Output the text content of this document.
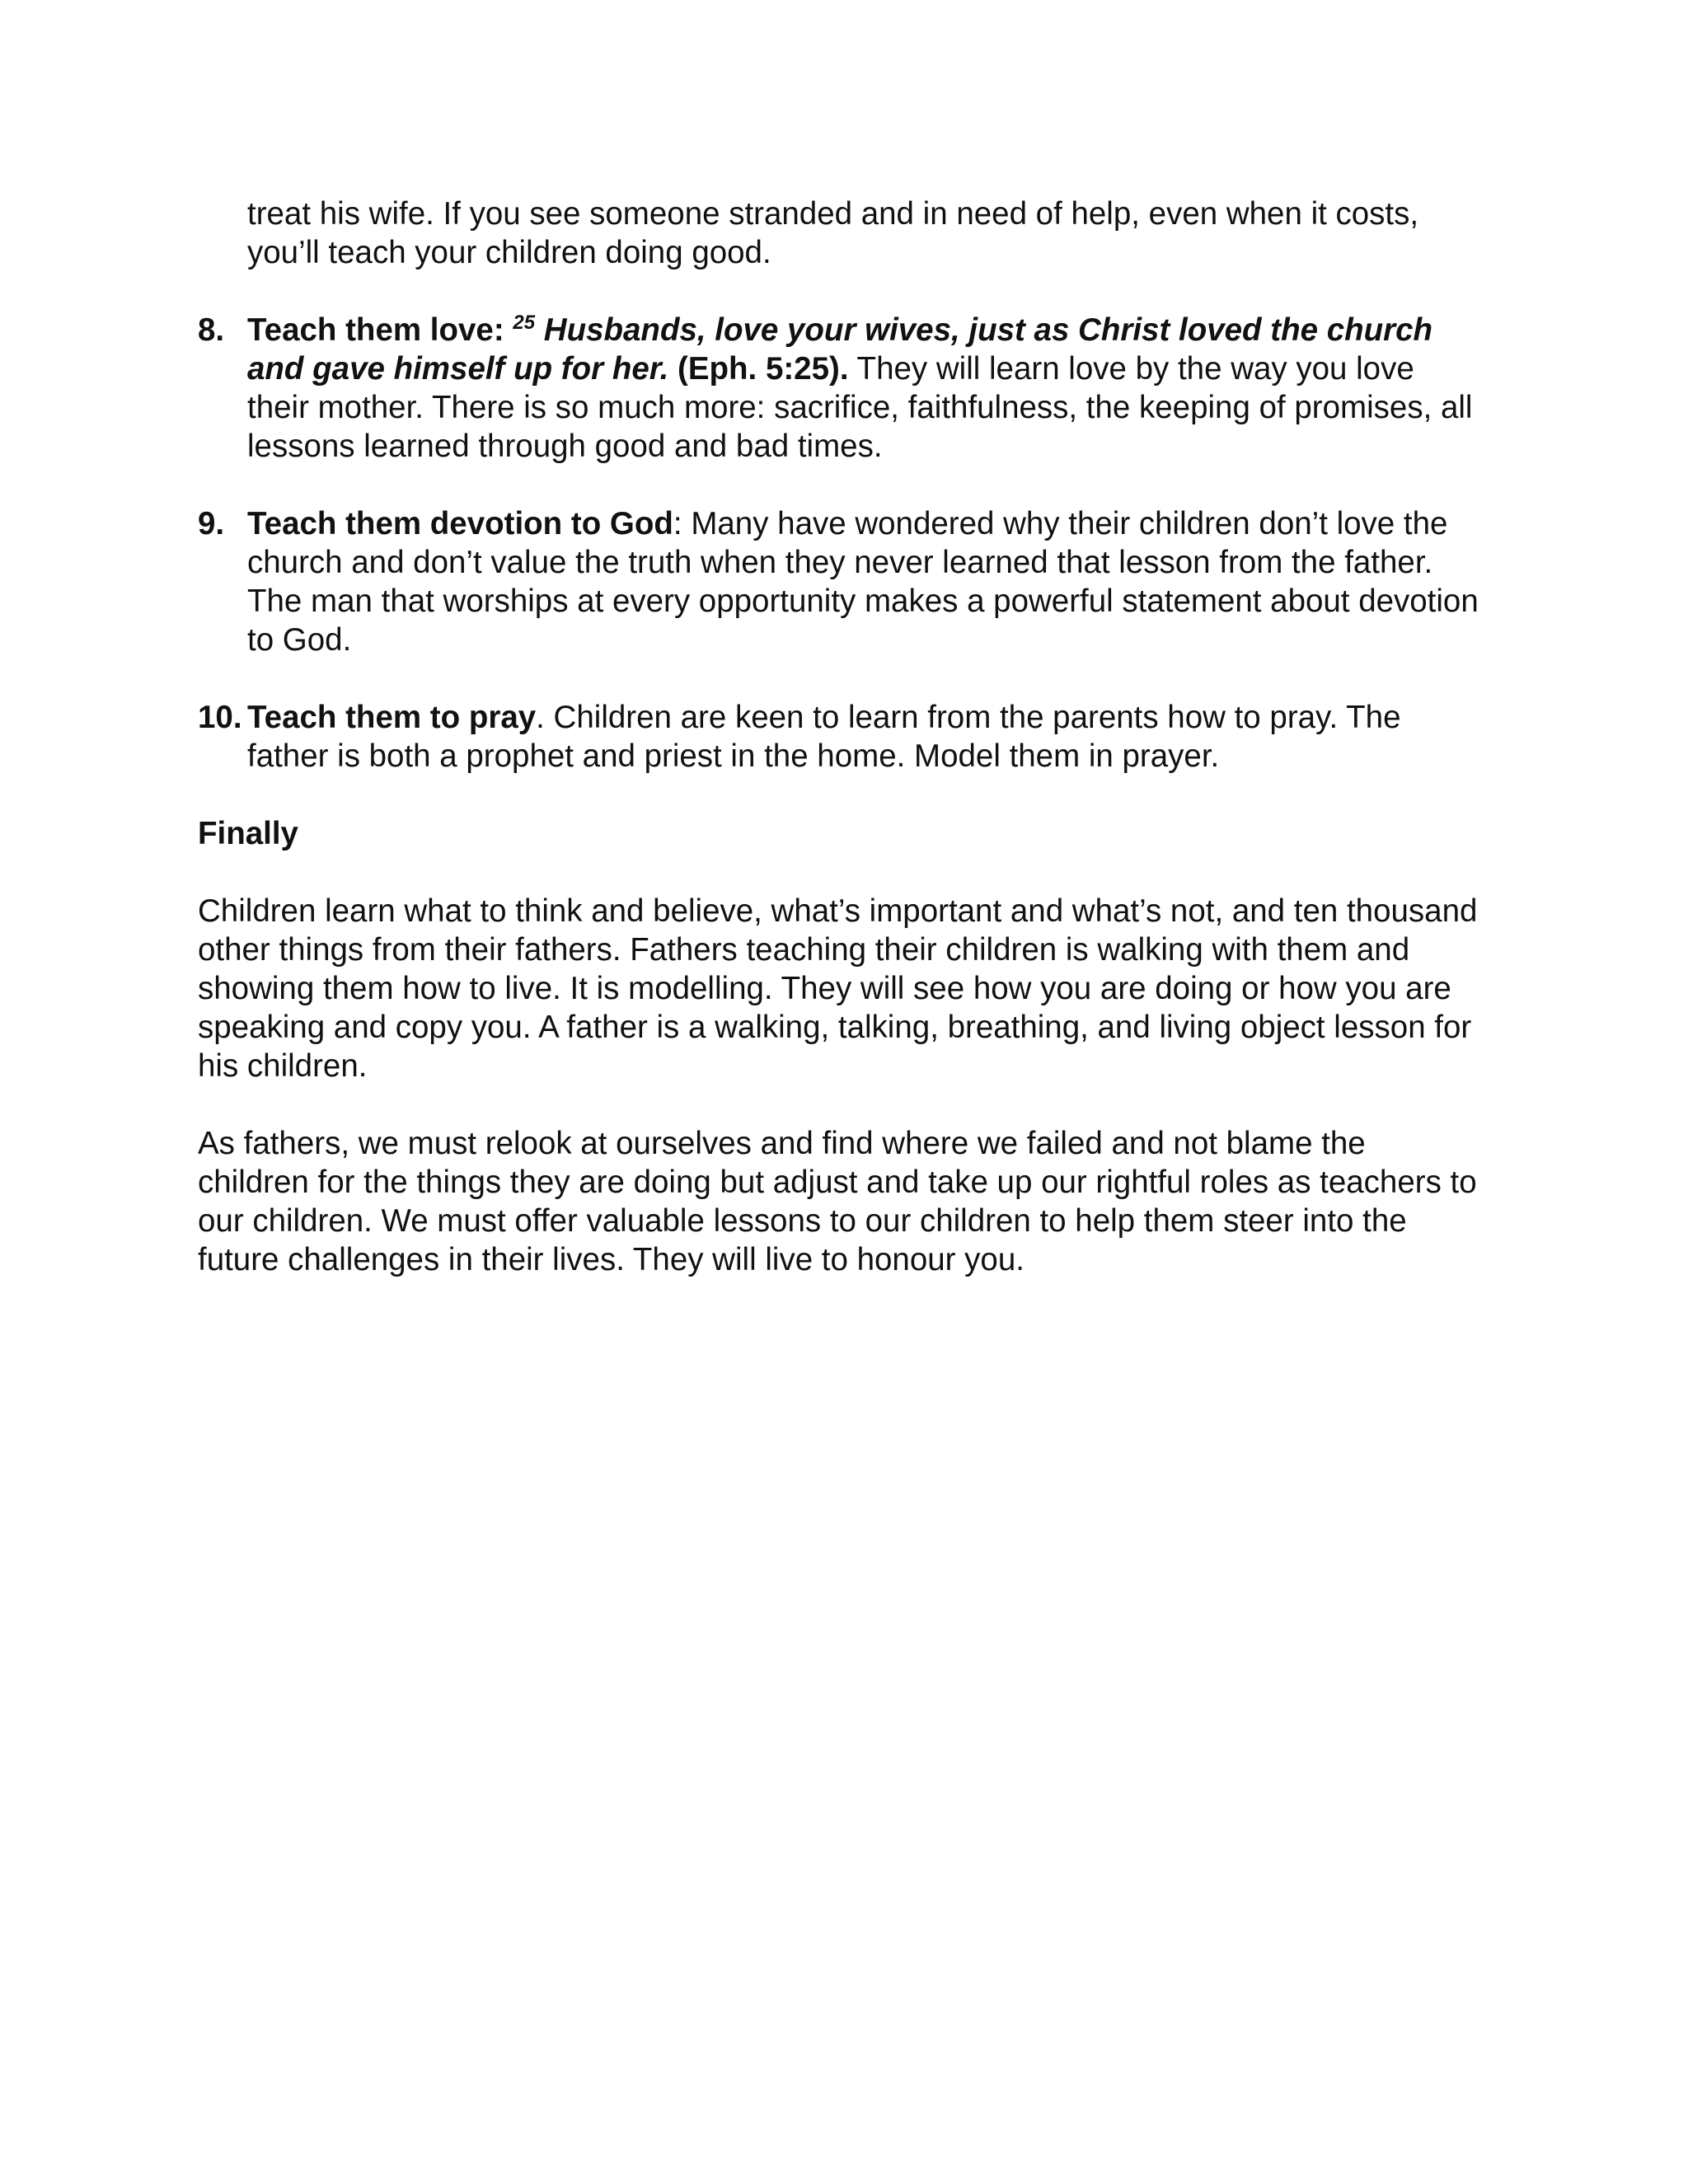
treat his wife. If you see someone stranded and in need of help, even when it costs, you’ll teach your children doing good.

8. Teach them love: $^{25}$ Husbands, love your wives, just as Christ loved the church and gave himself up for her. (Eph. 5:25). They will learn love by the way you love their mother. There is so much more: sacrifice, faithfulness, the keeping of promises, all lessons learned through good and bad times.
9. Teach them devotion to God: Many have wondered why their children don’t love the church and don’t value the truth when they never learned that lesson from the father. The man that worships at every opportunity makes a powerful statement about devotion to God.
10. Teach them to pray. Children are keen to learn from the parents how to pray. The father is both a prophet and priest in the home. Model them in prayer.

Finally

Children learn what to think and believe, what’s important and what’s not, and ten thousand other things from their fathers. Fathers teaching their children is walking with them and showing them how to live. It is modelling. They will see how you are doing or how you are speaking and copy you. A father is a walking, talking, breathing, and living object lesson for his children.

As fathers, we must relook at ourselves and find where we failed and not blame the children for the things they are doing but adjust and take up our rightful roles as teachers to our children. We must offer valuable lessons to our children to help them steer into the future challenges in their lives. They will live to honour you.
